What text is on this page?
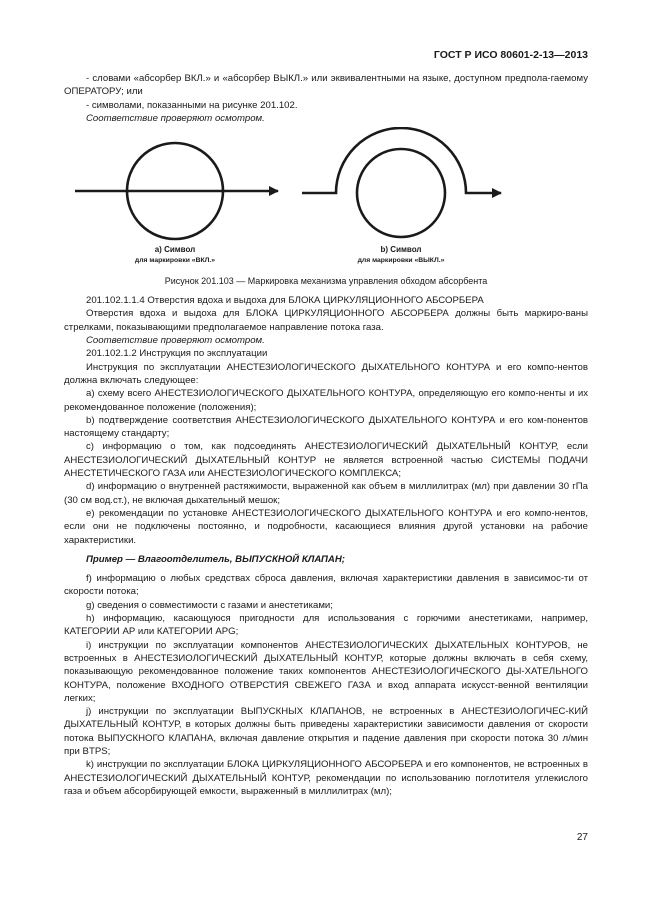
ГОСТ Р ИСО 80601-2-13—2013

- словами «абсорбер ВКЛ.» и «абсорбер ВЫКЛ.» или эквивалентными на языке, доступном предпола-гаемому ОПЕРАТОРУ; или

- символами, показанными на рисунке 201.102.

Соответствие проверяют осмотром.

а) Символ
для маркировки «ВКЛ.»
b) Символ
для маркировки «ВЫКЛ.»
Рисунок 201.103 — Маркировка механизма управления обходом абсорбента

201.102.1.1.4 Отверстия вдоха и выдоха для БЛОКА ЦИРКУЛЯЦИОННОГО АБСОРБЕРА

Отверстия вдоха и выдоха для БЛОКА ЦИРКУЛЯЦИОННОГО АБСОРБЕРА должны быть маркиро-ваны стрелками, показывающими предполагаемое направление потока газа.

Соответствие проверяют осмотром.

201.102.1.2 Инструкция по эксплуатации

Инструкция по эксплуатации АНЕСТЕЗИОЛОГИЧЕСКОГО ДЫХАТЕЛЬНОГО КОНТУРА и его компо-нентов должна включать следующее:

a) схему всего АНЕСТЕЗИОЛОГИЧЕСКОГО ДЫХАТЕЛЬНОГО КОНТУРА, определяющую его компо-ненты и их рекомендованное положение (положения);

b) подтверждение соответствия АНЕСТЕЗИОЛОГИЧЕСКОГО ДЫХАТЕЛЬНОГО КОНТУРА и его ком-понентов настоящему стандарту;

c) информацию о том, как подсоединять АНЕСТЕЗИОЛОГИЧЕСКИЙ ДЫХАТЕЛЬНЫЙ КОНТУР, если АНЕСТЕЗИОЛОГИЧЕСКИЙ ДЫХАТЕЛЬНЫЙ КОНТУР не является встроенной частью СИСТЕМЫ ПОДАЧИ АНЕСТЕТИЧЕСКОГО ГАЗА или АНЕСТЕЗИОЛОГИЧЕСКОГО КОМПЛЕКСА;

d) информацию о внутренней растяжимости, выраженной как объем в миллилитрах (мл) при давлении 30 гПа (30 см вод.ст.), не включая дыхательный мешок;

e) рекомендации по установке АНЕСТЕЗИОЛОГИЧЕСКОГО ДЫХАТЕЛЬНОГО КОНТУРА и его компо-нентов, если они не подключены постоянно, и подробности, касающиеся влияния другой установки на рабочие характеристики.

Пример — Влагоотделитель, ВЫПУСКНОЙ КЛАПАН;

f) информацию о любых средствах сброса давления, включая характеристики давления в зависимос-ти от скорости потока;

g) сведения о совместимости с газами и анестетиками;

h) информацию, касающуюся пригодности для использования с горючими анестетиками, например, КАТЕГОРИИ АР или КАТЕГОРИИ APG;

i) инструкции по эксплуатации компонентов АНЕСТЕЗИОЛОГИЧЕСКИХ ДЫХАТЕЛЬНЫХ КОНТУРОВ, не встроенных в АНЕСТЕЗИОЛОГИЧЕСКИЙ ДЫХАТЕЛЬНЫЙ КОНТУР, которые должны включать в себя схему, показывающую рекомендованное положение таких компонентов АНЕСТЕЗИОЛОГИЧЕСКОГО ДЫ-ХАТЕЛЬНОГО КОНТУРА, положение ВХОДНОГО ОТВЕРСТИЯ СВЕЖЕГО ГАЗА и вход аппарата искусст-венной вентиляции легких;

j) инструкции по эксплуатации ВЫПУСКНЫХ КЛАПАНОВ, не встроенных в АНЕСТЕЗИОЛОГИЧЕС-КИЙ ДЫХАТЕЛЬНЫЙ КОНТУР, в которых должны быть приведены характеристики зависимости давления от скорости потока ВЫПУСКНОГО КЛАПАНА, включая давление открытия и падение давления при скорости потока 30 л/мин при BTPS;

k) инструкции по эксплуатации БЛОКА ЦИРКУЛЯЦИОННОГО АБСОРБЕРА и его компонентов, не встроенных в АНЕСТЕЗИОЛОГИЧЕСКИЙ ДЫХАТЕЛЬНЫЙ КОНТУР, рекомендации по использованию поглотителя углекислого газа и объем абсорбирующей емкости, выраженный в миллилитрах (мл);

27
